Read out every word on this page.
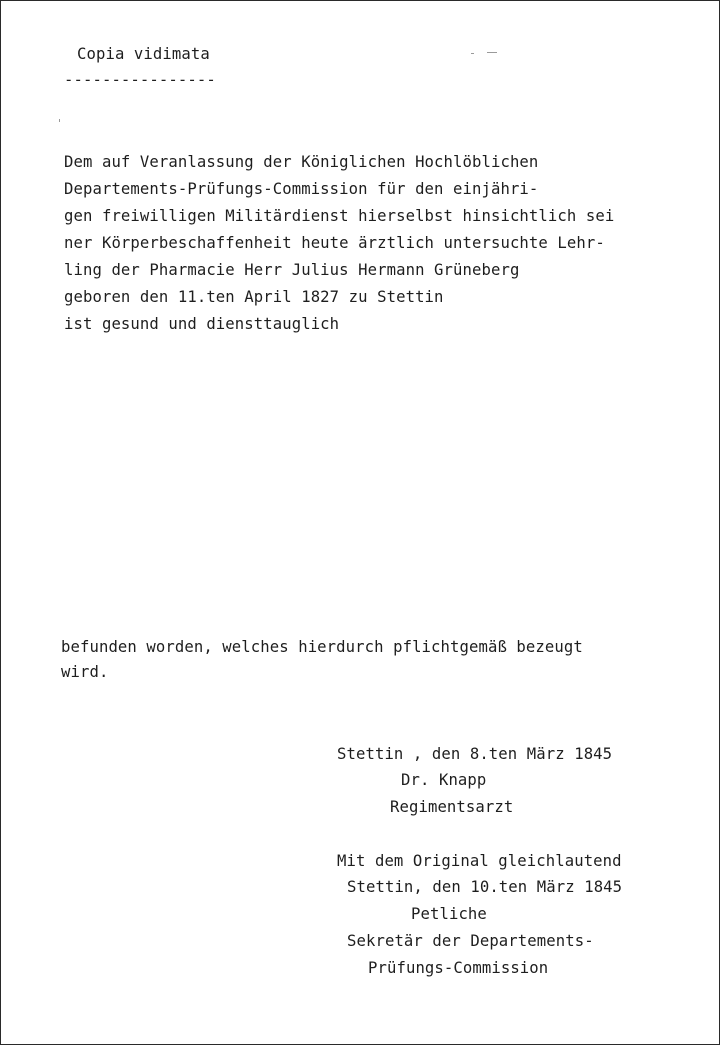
Copia vidimata
----------------
Dem auf Veranlassung der Königlichen Hochlöblichen
Departements-Prüfungs-Commission für den einjähri-
gen freiwilligen Militärdienst hierselbst hinsichtlich sei
ner Körperbeschaffenheit heute ärztlich untersuchte Lehr-
ling der Pharmacie Herr Julius Hermann Grüneberg
geboren den 11.ten April 1827 zu Stettin
ist gesund und diensttauglich
befunden worden, welches hierdurch pflichtgemäß bezeugt
wird.
Stettin , den 8.ten März 1845
Dr. Knapp
Regimentsarzt
Mit dem Original gleichlautend
Stettin, den 10.ten März 1845
Petliche
Sekretär der Departements-
Prüfungs-Commission
